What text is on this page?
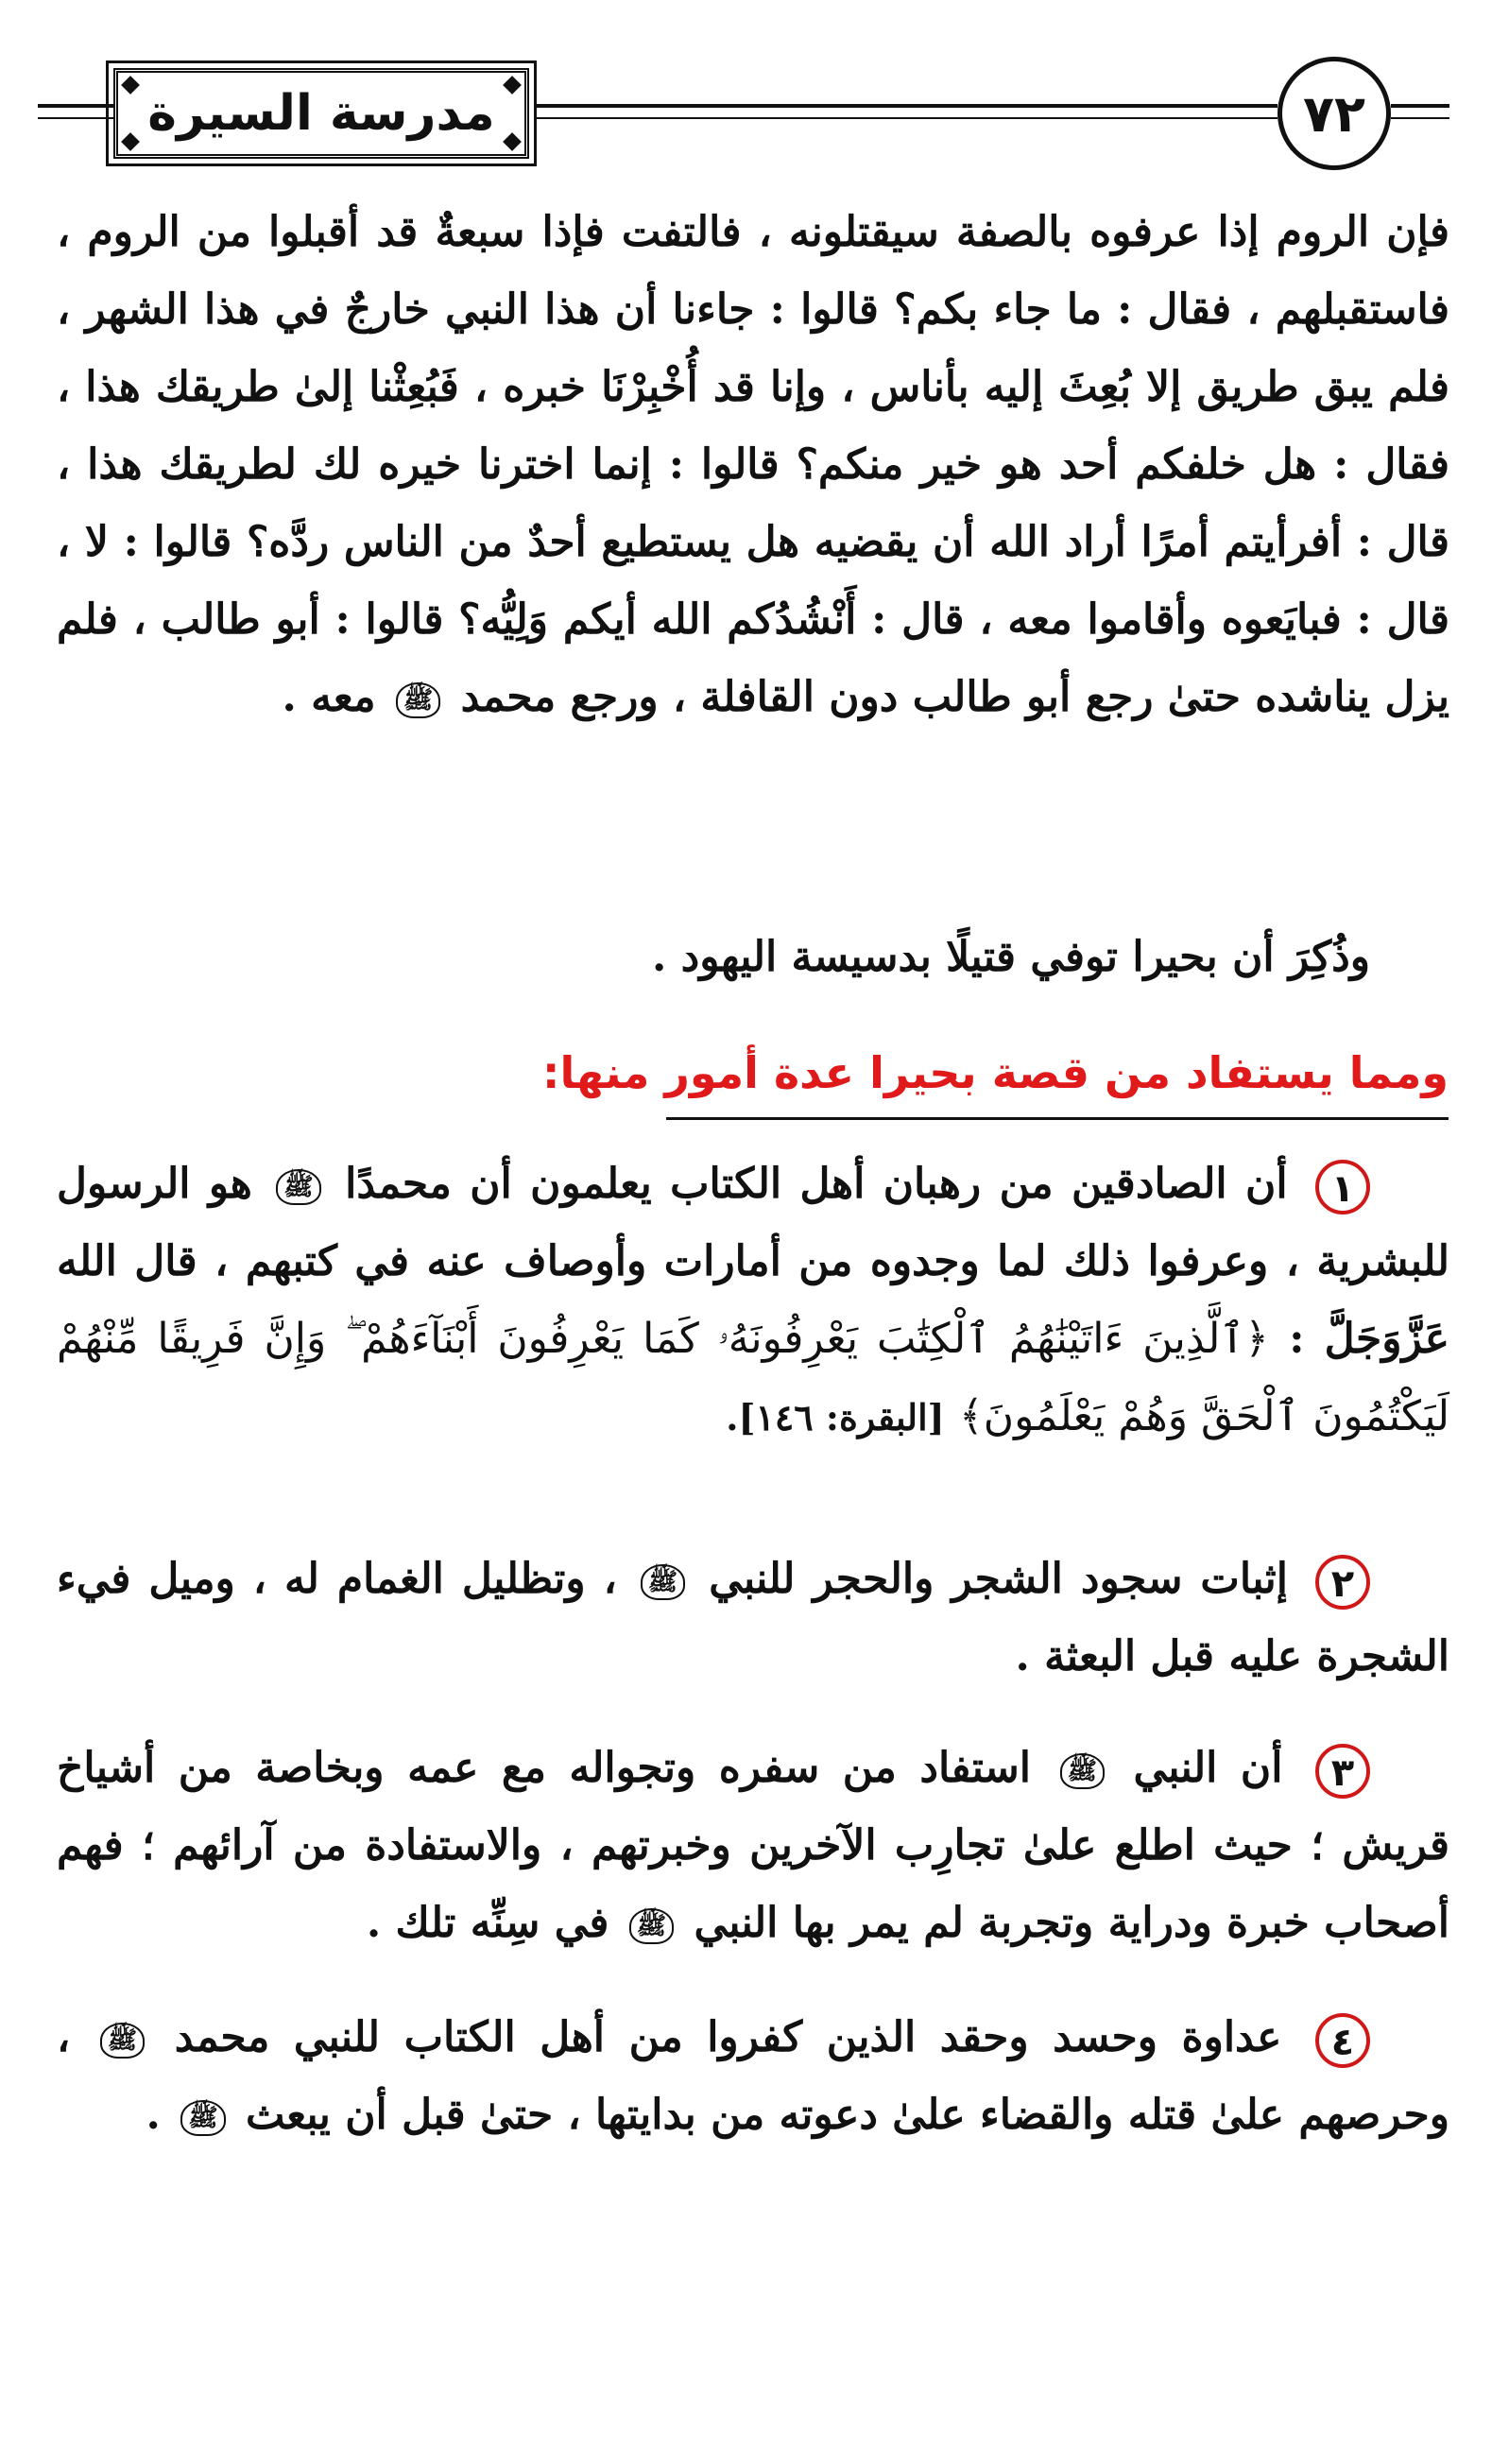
مدرسة السيرة	٧٢

فإن الروم إذا عرفوه بالصفة سيقتلونه ، فالتفت فإذا سبعةٌ قد أقبلوا من الروم ، فاستقبلهم ، فقال : ما جاء بكم؟ قالوا : جاءنا أن هذا النبي خارجٌ في هذا الشهر ، فلم يبق طريق إلا بُعِثَ إليه بأناس ، وإنا قد أُخْبِرْنَا خبره ، فَبُعِثْنا إلىٰ طريقك هذا ، فقال : هل خلفكم أحد هو خير منكم؟ قالوا : إنما اخترنا خيره لك لطريقك هذا ، قال : أفرأيتم أمرًا أراد الله أن يقضيه هل يستطيع أحدٌ من الناس ردَّه؟ قالوا : لا ، قال : فبايَعوه وأقاموا معه ، قال : أَنْشُدُكم الله أيكم وَلِيُّه؟ قالوا : أبو طالب ، فلم يزل يناشده حتىٰ رجع أبو طالب دون القافلة ، ورجع محمد ﷺ معه .

وذُكِرَ أن بحيرا توفي قتيلًا بدسيسة اليهود .

ومما يستفاد من قصة بحيرا عدة أمور منها:

١ أن الصادقين من رهبان أهل الكتاب يعلمون أن محمدًا ﷺ هو الرسول للبشرية ، وعرفوا ذلك لما وجدوه من أمارات وأوصاف عنه في كتبهم ، قال الله عَزَّوَجَلَّ : ﴿ٱلَّذِينَ ءَاتَيْنَٰهُمُ ٱلْكِتَٰبَ يَعْرِفُونَهُۥ كَمَا يَعْرِفُونَ أَبْنَآءَهُمْ ۖ وَإِنَّ فَرِيقًا مِّنْهُمْ لَيَكْتُمُونَ ٱلْحَقَّ وَهُمْ يَعْلَمُونَ﴾ [البقرة: ١٤٦].

٢ إثبات سجود الشجر والحجر للنبي ﷺ ، وتظليل الغمام له ، وميل فيء الشجرة عليه قبل البعثة .

٣ أن النبي ﷺ استفاد من سفره وتجواله مع عمه وبخاصة من أشياخ قريش ؛ حيث اطلع علىٰ تجارِب الآخرين وخبرتهم ، والاستفادة من آرائهم ؛ فهم أصحاب خبرة ودراية وتجربة لم يمر بها النبي ﷺ في سِنِّه تلك .

٤ عداوة وحسد وحقد الذين كفروا من أهل الكتاب للنبي محمد ﷺ ، وحرصهم علىٰ قتله والقضاء علىٰ دعوته من بدايتها ، حتىٰ قبل أن يبعث ﷺ .
